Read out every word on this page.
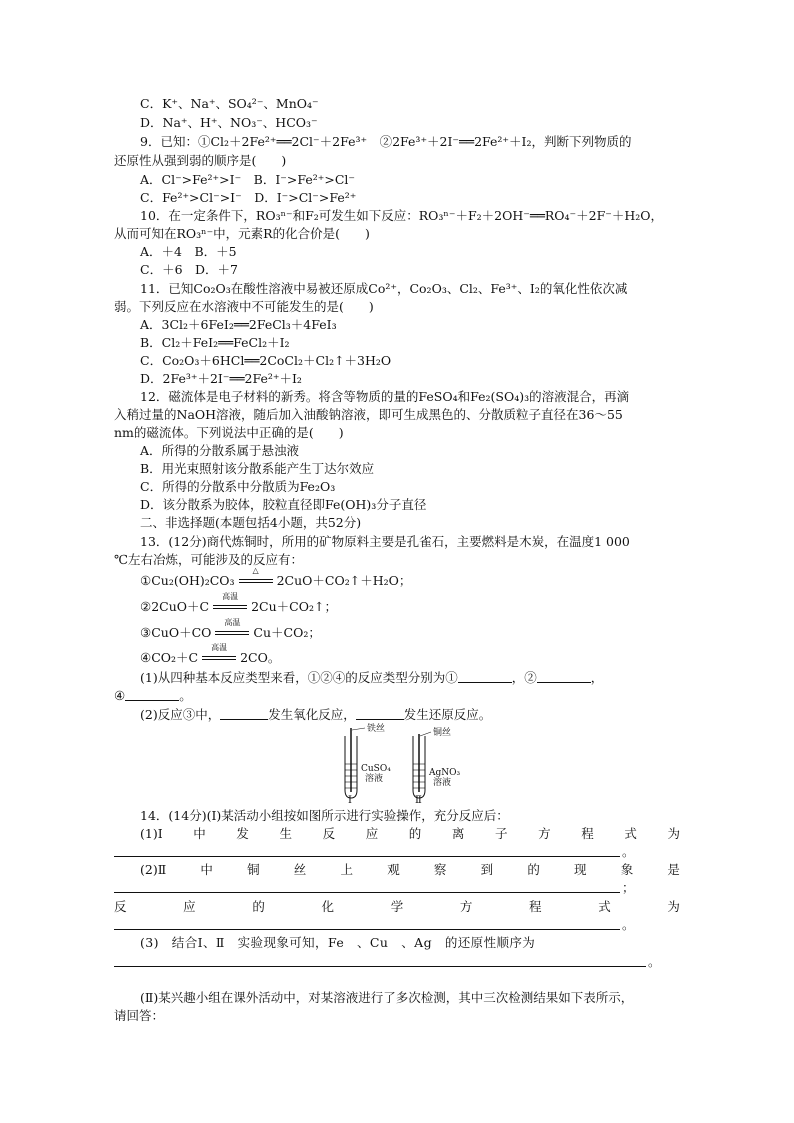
C．K⁺、Na⁺、SO₄²⁻、MnO₄⁻
D．Na⁺、H⁺、NO₃⁻、HCO₃⁻
9．已知：①Cl₂＋2Fe²⁺══2Cl⁻＋2Fe³⁺　②2Fe³⁺＋2I⁻══2Fe²⁺＋I₂，判断下列物质的
还原性从强到弱的顺序是(　　)
A．Cl⁻>Fe²⁺>I⁻　B．I⁻>Fe²⁺>Cl⁻
C．Fe²⁺>Cl⁻>I⁻　D．I⁻>Cl⁻>Fe²⁺
10．在一定条件下，RO₃ⁿ⁻和F₂可发生如下反应：RO₃ⁿ⁻＋F₂＋2OH⁻══RO₄⁻＋2F⁻＋H₂O，
从而可知在RO₃ⁿ⁻中，元素R的化合价是(　　)
A．＋4　B．＋5
C．＋6　D．＋7
11．已知Co₂O₃在酸性溶液中易被还原成Co²⁺，Co₂O₃、Cl₂、Fe³⁺、I₂的氧化性依次减
弱。下列反应在水溶液中不可能发生的是(　　)
A．3Cl₂＋6FeI₂══2FeCl₃＋4FeI₃
B．Cl₂＋FeI₂══FeCl₂＋I₂
C．Co₂O₃＋6HCl══2CoCl₂＋Cl₂↑＋3H₂O
D．2Fe³⁺＋2I⁻══2Fe²⁺＋I₂
12．磁流体是电子材料的新秀。将含等物质的量的FeSO₄和Fe₂(SO₄)₃的溶液混合，再滴
入稍过量的NaOH溶液，随后加入油酸钠溶液，即可生成黑色的、分散质粒子直径在36～55
nm的磁流体。下列说法中正确的是(　　)
A．所得的分散系属于悬浊液
B．用光束照射该分散系能产生丁达尔效应
C．所得的分散系中分散质为Fe₂O₃
D．该分散系为胶体，胶粒直径即Fe(OH)₃分子直径
二、非选择题(本题包括4小题，共52分)
13．(12分)商代炼铜时，所用的矿物原料主要是孔雀石，主要燃料是木炭，在温度1 000
℃左右冶炼，可能涉及的反应有：
①Cu₂(OH)₂CO₃
△
2CuO＋CO₂↑＋H₂O；
②2CuO＋C
高温
2Cu＋CO₂↑；
③CuO＋CO
高温
Cu＋CO₂；
④CO₂＋C
高温
2CO。
(1)从四种基本反应类型来看，①②④的反应类型分别为①	，②	，
④	。
(2)反应③中，	发生氧化反应，	发生还原反应。
铁丝
CuSO₄
溶液
Ⅰ
铜丝
AgNO₃
溶液
Ⅱ
14．(14分)(Ⅰ)某活动小组按如图所示进行实验操作，充分反应后：
(1)Ⅰ 中 发 生 反 应 的 离 子 方 程 式 为
。
(2)Ⅱ	中	铜	丝	上	观	察	到	的	现	象	是
；
反	应	的	化	学	方	程	式	为
。
(3)　结合Ⅰ、Ⅱ　实验现象可知，Fe　、Cu　、Ag　的还原性顺序为
。
(Ⅱ)某兴趣小组在课外活动中，对某溶液进行了多次检测，其中三次检测结果如下表所示，
请回答：
